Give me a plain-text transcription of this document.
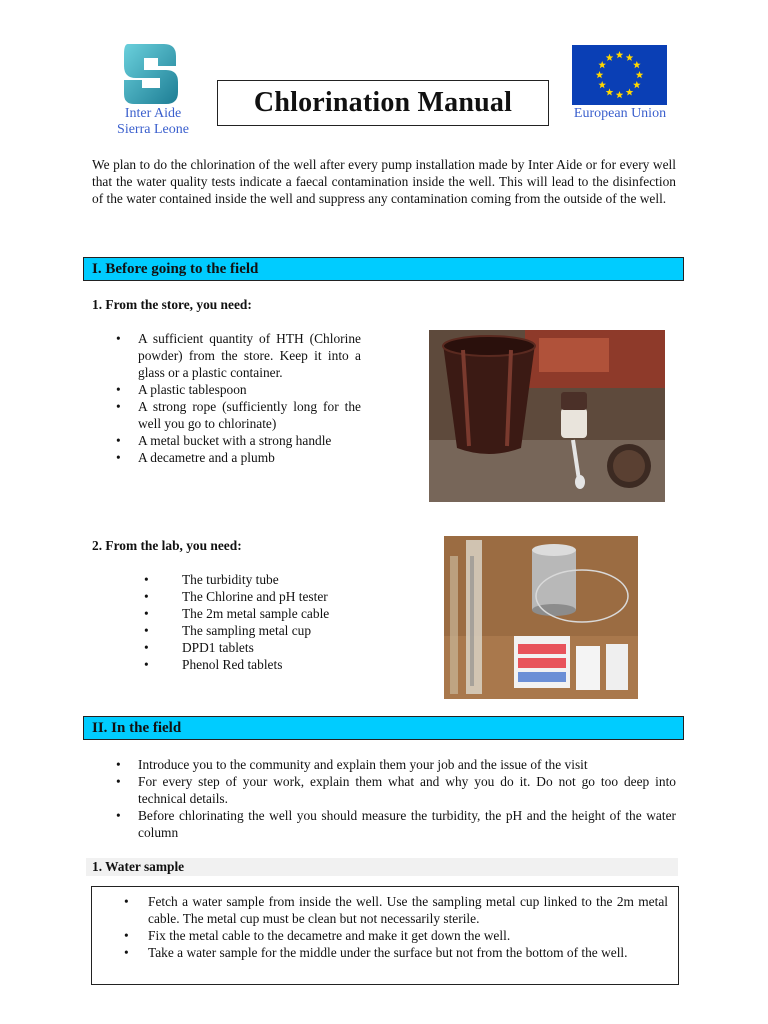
Inter Aide
Sierra Leone
Chlorination Manual	European Union

We plan to do the chlorination of the well after every pump installation made by Inter Aide or for every well that the water quality tests indicate a faecal contamination inside the well. This will lead to the disinfection of the water contained inside the well and suppress any contamination coming from the outside of the well.

I. Before going to the field
1. From the store, you need:
• A sufficient quantity of HTH (Chlorine powder) from the store. Keep it into a glass or a plastic container.
• A plastic tablespoon
• A strong rope (sufficiently long for the well you go to chlorinate)
• A metal bucket with a strong handle
• A decametre and a plumb
2. From the lab, you need:
• The turbidity tube
• The Chlorine and pH tester
• The 2m metal sample cable
• The sampling metal cup
• DPD1 tablets
• Phenol Red tablets
II. In the field
• Introduce you to the community and explain them your job and the issue of the visit
• For every step of your work, explain them what and why you do it. Do not go too deep into technical details.
• Before chlorinating the well you should measure the turbidity, the pH and the height of the water column
1. Water sample
• Fetch a water sample from inside the well. Use the sampling metal cup linked to the 2m metal cable. The metal cup must be clean but not necessarily sterile.
• Fix the metal cable to the decametre and make it get down the well.
• Take a water sample for the middle under the surface but not from the bottom of the well.
